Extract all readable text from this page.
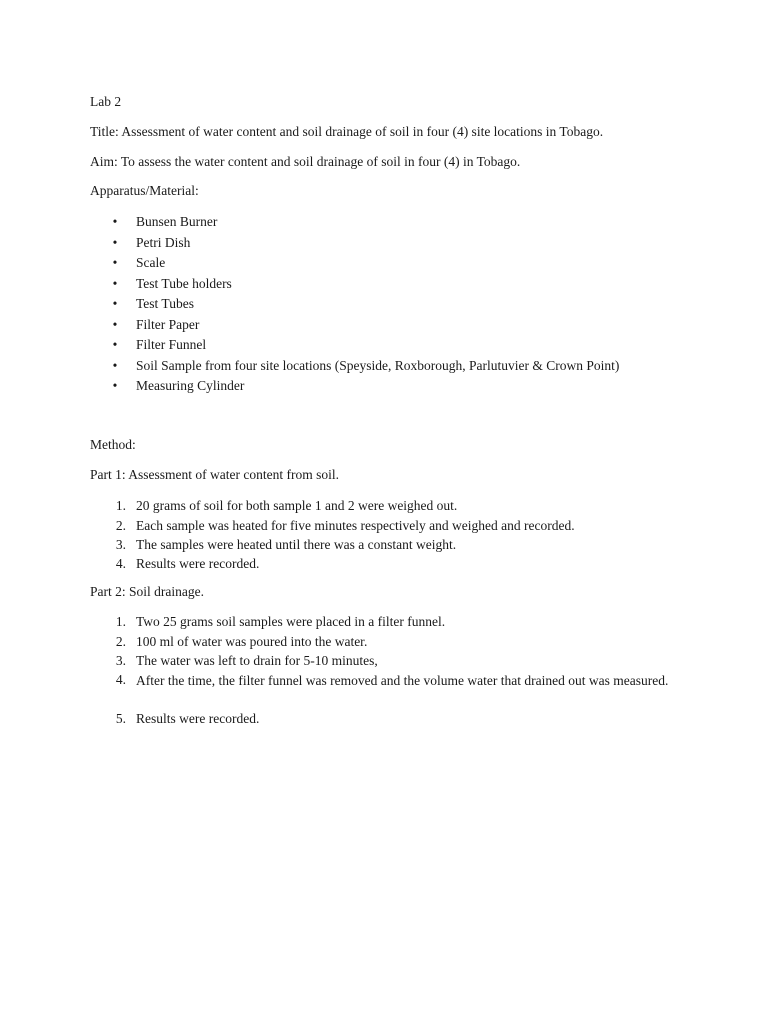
Lab 2
Title: Assessment of water content and soil drainage of soil in four (4) site locations in Tobago.
Aim: To assess the water content and soil drainage of soil in four (4) in Tobago.
Apparatus/Material:
• Bunsen Burner
• Petri Dish
• Scale
• Test Tube holders
• Test Tubes
• Filter Paper
• Filter Funnel
• Soil Sample from four site locations (Speyside, Roxborough, Parlutuvier & Crown Point)
• Measuring Cylinder
Method:
Part 1: Assessment of water content from soil.
1. 20 grams of soil for both sample 1 and 2 were weighed out.
2. Each sample was heated for five minutes respectively and weighed and recorded.
3. The samples were heated until there was a constant weight.
4. Results were recorded.
Part 2: Soil drainage.
1. Two 25 grams soil samples were placed in a filter funnel.
2. 100 ml of water was poured into the water.
3. The water was left to drain for 5-10 minutes,
4. After the time, the filter funnel was removed and the volume water that drained out was measured.
5. Results were recorded.
